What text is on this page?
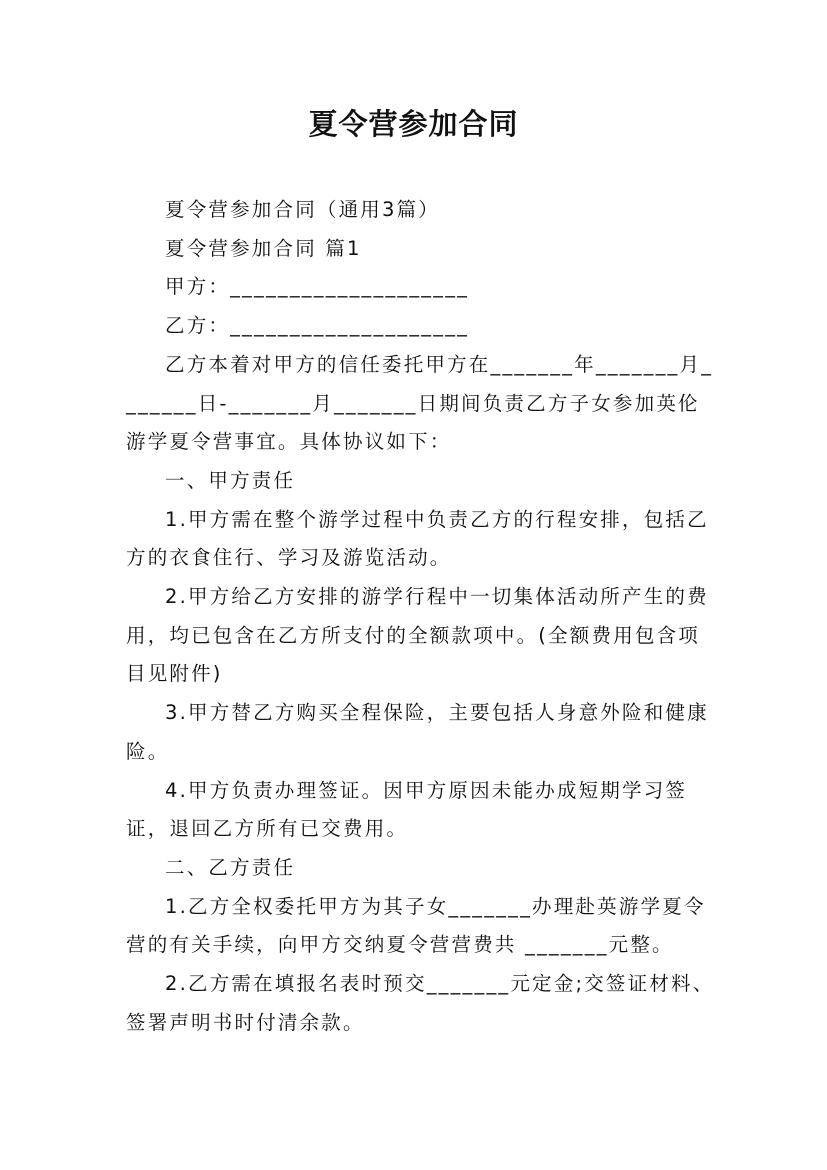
夏令营参加合同

夏令营参加合同（通用3篇）

夏令营参加合同 篇1

甲方：____________________

乙方：____________________

乙方本着对甲方的信任委托甲方在_______年_______月_______日-_______月_______日期间负责乙方子女参加英伦游学夏令营事宜。具体协议如下：

一、甲方责任

1.甲方需在整个游学过程中负责乙方的行程安排，包括乙方的衣食住行、学习及游览活动。

2.甲方给乙方安排的游学行程中一切集体活动所产生的费用，均已包含在乙方所支付的全额款项中。(全额费用包含项目见附件)

3.甲方替乙方购买全程保险，主要包括人身意外险和健康险。

4.甲方负责办理签证。因甲方原因未能办成短期学习签证，退回乙方所有已交费用。

二、乙方责任

1.乙方全权委托甲方为其子女_______办理赴英游学夏令营的有关手续，向甲方交纳夏令营营费共 _______元整。

2.乙方需在填报名表时预交_______元定金;交签证材料、签署声明书时付清余款。
